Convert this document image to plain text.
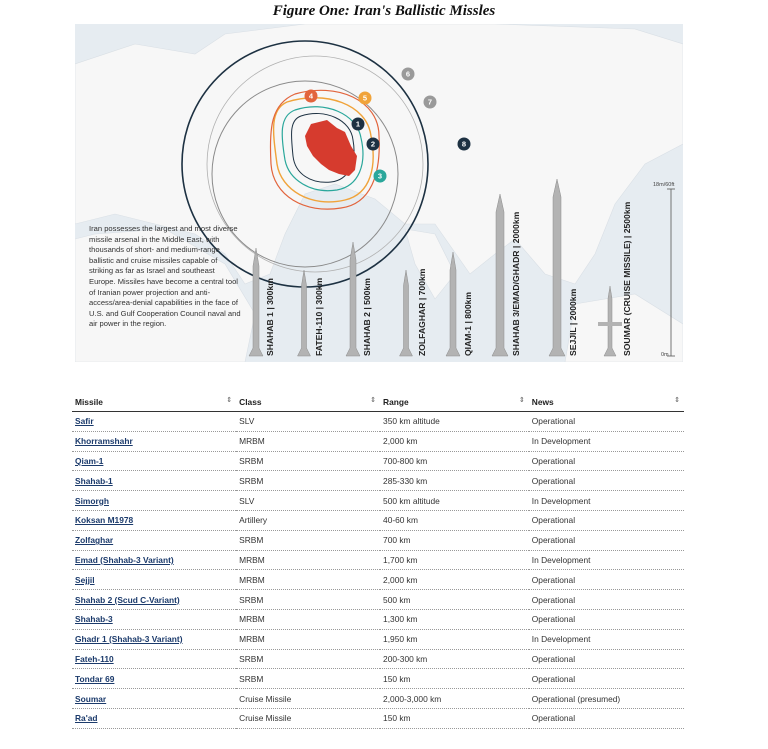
Figure One: Iran's Ballistic Missles
1
2
3
4	5
6
7
8
SHAHAB 1 | 300km	FATEH-110 | 300km	SHAHAB 2 | 500km	ZOLFAGHAR | 700km	QIAM-1 | 800km	SHAHAB 3/EMAD/GHADR | 2000km	SEJJIL | 2000km	SOUMAR (CRUISE MISSILE) | 2500km
18m/60ft
0m
Iran possesses the largest and most diverse missile arsenal in the Middle East, with thousands of short- and medium-range ballistic and cruise missiles capable of striking as far as Israel and southeast Europe. Missiles have become a central tool of Iranian power projection and anti-access/area-denial capabilities in the face of U.S. and Gulf Cooperation Council naval and air power in the region.
Missile ⇕	Class ⇕	Range ⇕	News ⇕

Safir	SLV	350 km altitude	Operational
Khorramshahr	MRBM	2,000 km	In Development
Qiam-1	SRBM	700-800 km	Operational
Shahab-1	SRBM	285-330 km	Operational
Simorgh	SLV	500 km altitude	In Development
Koksan M1978	Artillery	40-60 km	Operational
Zolfaghar	SRBM	700 km	Operational
Emad (Shahab-3 Variant)	MRBM	1,700 km	In Development
Sejjil	MRBM	2,000 km	Operational
Shahab 2 (Scud C-Variant)	SRBM	500 km	Operational
Shahab-3	MRBM	1,300 km	Operational
Ghadr 1 (Shahab-3 Variant)	MRBM	1,950 km	In Development
Fateh-110	SRBM	200-300 km	Operational
Tondar 69	SRBM	150 km	Operational
Soumar	Cruise Missile	2,000-3,000 km	Operational (presumed)
Ra'ad	Cruise Missile	150 km	Operational
